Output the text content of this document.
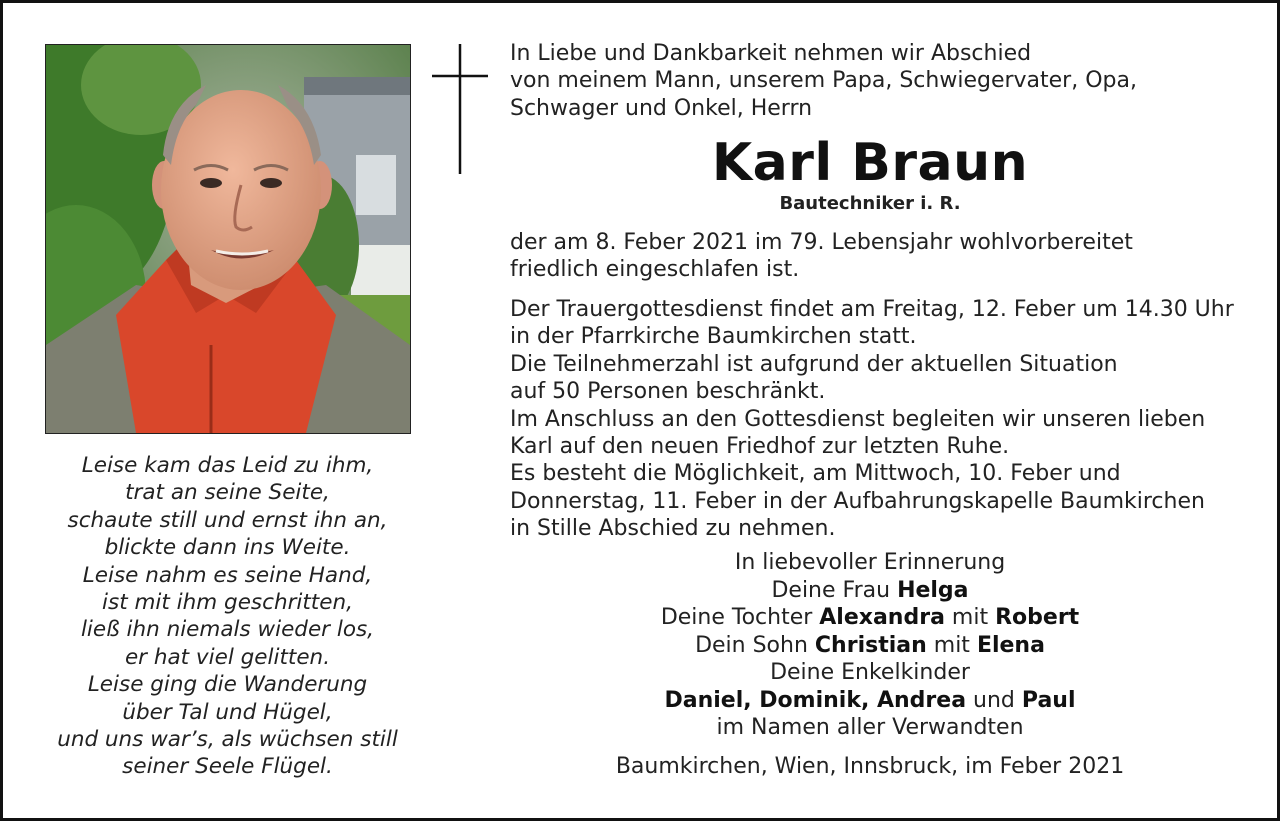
In Liebe und Dankbarkeit nehmen wir Abschied
von meinem Mann, unserem Papa, Schwiegervater, Opa,
Schwager und Onkel, Herrn
Karl Braun
Bautechniker i. R.
der am 8. Feber 2021 im 79. Lebensjahr wohlvorbereitet
friedlich eingeschlafen ist.
Der Trauergottesdienst findet am Freitag, 12. Feber um 14.30 Uhr
in der Pfarrkirche Baumkirchen statt.
Die Teilnehmerzahl ist aufgrund der aktuellen Situation
auf 50 Personen beschränkt.
Im Anschluss an den Gottesdienst begleiten wir unseren lieben
Karl auf den neuen Friedhof zur letzten Ruhe.
Es besteht die Möglichkeit, am Mittwoch, 10. Feber und
Donnerstag, 11. Feber in der Aufbahrungskapelle Baumkirchen
in Stille Abschied zu nehmen.
Leise kam das Leid zu ihm,
trat an seine Seite,
schaute still und ernst ihn an,
blickte dann ins Weite.
Leise nahm es seine Hand,
ist mit ihm geschritten,
ließ ihn niemals wieder los,
er hat viel gelitten.
Leise ging die Wanderung
über Tal und Hügel,
und uns war’s, als wüchsen still
seiner Seele Flügel.
In liebevoller Erinnerung
Deine Frau Helga
Deine Tochter Alexandra mit Robert
Dein Sohn Christian mit Elena
Deine Enkelkinder
Daniel, Dominik, Andrea und Paul
im Namen aller Verwandten
Baumkirchen, Wien, Innsbruck, im Feber 2021
